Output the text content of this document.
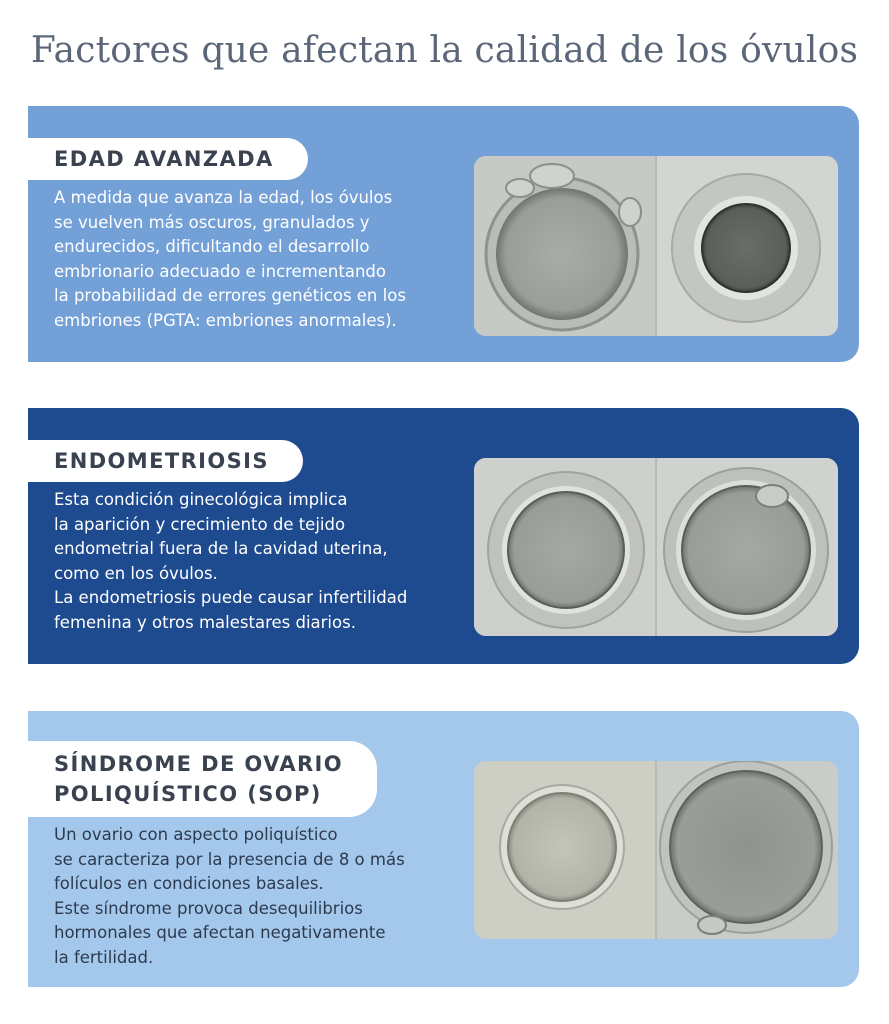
Factores que afectan la calidad de los óvulos
EDAD AVANZADA
A medida que avanza la edad, los óvulos
se vuelven más oscuros, granulados y
endurecidos, dificultando el desarrollo
embrionario adecuado e incrementando
la probabilidad de errores genéticos en los
embriones (PGTA: embriones anormales).
ENDOMETRIOSIS
Esta condición ginecológica implica
la aparición y crecimiento de tejido
endometrial fuera de la cavidad uterina,
como en los óvulos.
La endometriosis puede causar infertilidad
femenina y otros malestares diarios.
SÍNDROME DE OVARIO
POLIQUÍSTICO (SOP)
Un ovario con aspecto poliquístico
se caracteriza por la presencia de 8 o más
folículos en condiciones basales.
Este síndrome provoca desequilibrios
hormonales que afectan negativamente
la fertilidad.
